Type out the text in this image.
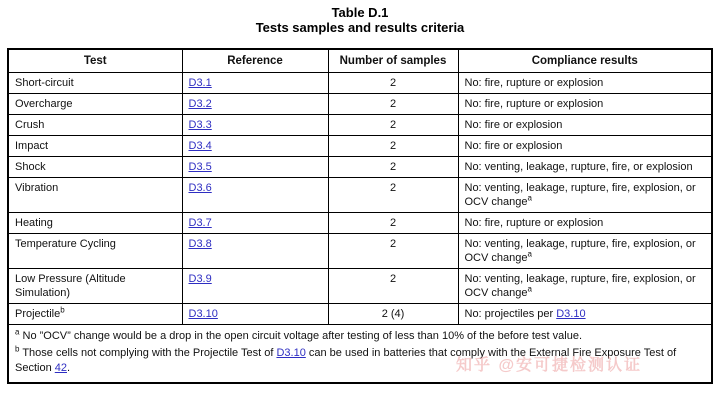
Table D.1
Tests samples and results criteria
Test	Reference	Number of samples	Compliance results
Short-circuit	D3.1	2	No: fire, rupture or explosion
Overcharge	D3.2	2	No: fire, rupture or explosion
Crush	D3.3	2	No: fire or explosion
Impact	D3.4	2	No: fire or explosion
Shock	D3.5	2	No: venting, leakage, rupture, fire, or explosion
Vibration	D3.6	2	No: venting, leakage, rupture, fire, explosion, or OCV change$^a$
Heating	D3.7	2	No: fire, rupture or explosion
Temperature Cycling	D3.8	2	No: venting, leakage, rupture, fire, explosion, or OCV change$^a$
Low Pressure (Altitude Simulation)	D3.9	2	No: venting, leakage, rupture, fire, explosion, or OCV change$^a$
Projectile$^b$	D3.10	2 (4)	No: projectiles per D3.10

$^a$ No ”OCV” change would be a drop in the open circuit voltage after testing of less than 10% of the before test value.
$^b$ Those cells not complying with the Projectile Test of D3.10 can be used in batteries that comply with the External Fire Exposure Test of Section 42.				知乎 @安可捷检测认证
